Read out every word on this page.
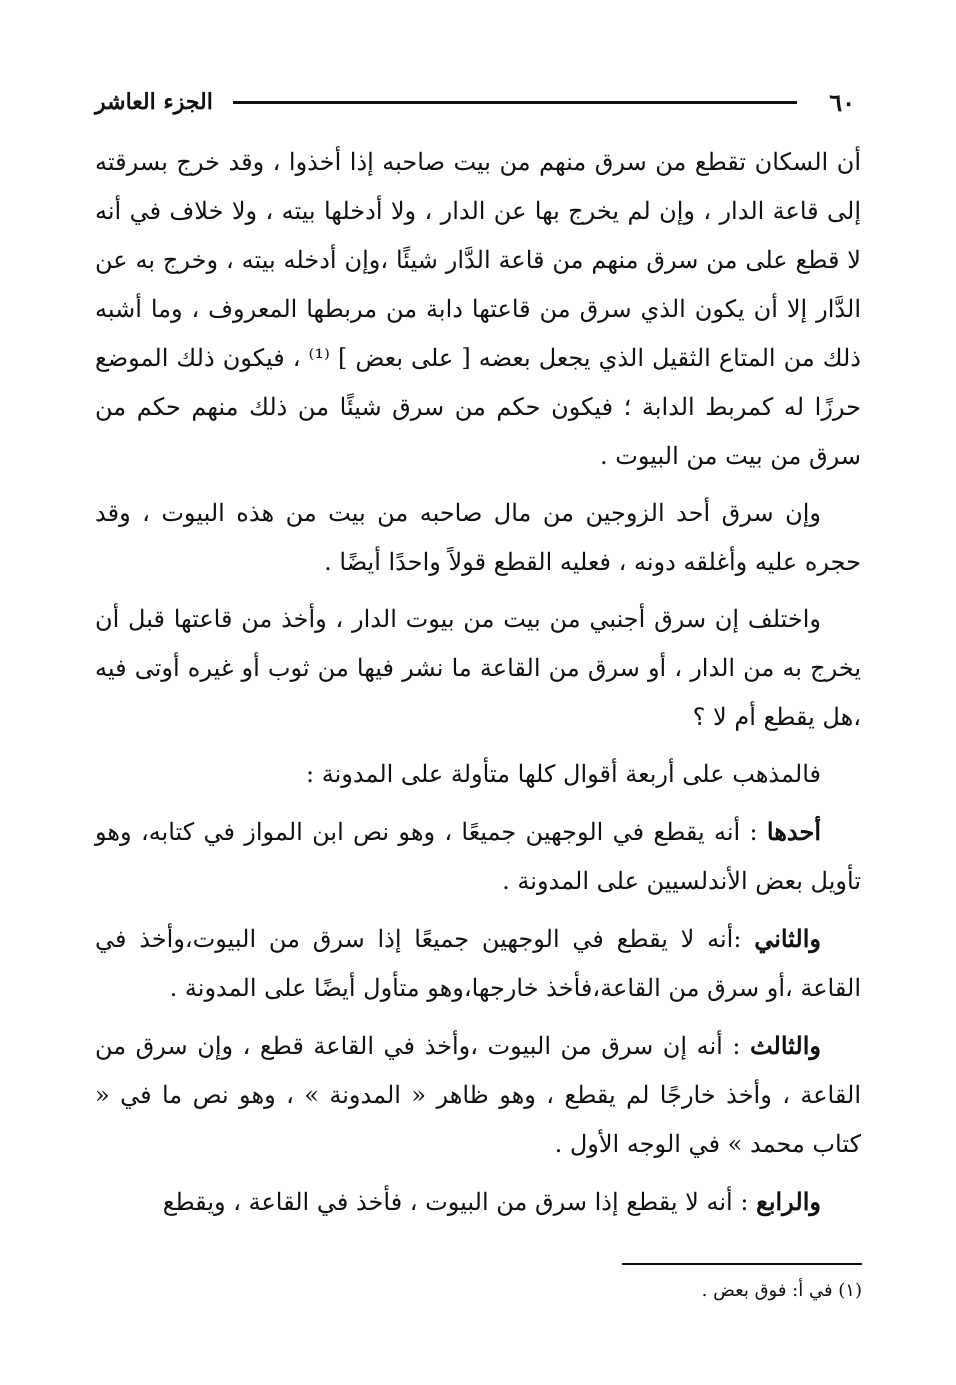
٦٠
الجزء العاشر

أن السكان تقطع من سرق منهم من بيت صاحبه إذا أخذوا ، وقد خرج بسرقته إلى قاعة الدار ، وإن لم يخرج بها عن الدار ، ولا أدخلها بيته ، ولا خلاف في أنه لا قطع على من سرق منهم من قاعة الدَّار شيئًا ،وإن أدخله بيته ، وخرج به عن الدَّار إلا أن يكون الذي سرق من قاعتها دابة من مربطها المعروف ، وما أشبه ذلك من المتاع الثقيل الذي يجعل بعضه [ على بعض ] ⁽¹⁾ ، فيكون ذلك الموضع حرزًا له كمربط الدابة ؛ فيكون حكم من سرق شيئًا من ذلك منهم حكم من سرق من بيت من البيوت .

وإن سرق أحد الزوجين من مال صاحبه من بيت من هذه البيوت ، وقد حجره عليه وأغلقه دونه ، فعليه القطع قولاً واحدًا أيضًا .

واختلف إن سرق أجنبي من بيت من بيوت الدار ، وأخذ من قاعتها قبل أن يخرج به من الدار ، أو سرق من القاعة ما نشر فيها من ثوب أو غيره أوتى فيه ،هل يقطع أم لا ؟

فالمذهب على أربعة أقوال كلها متأولة على المدونة :

أحدها : أنه يقطع في الوجهين جميعًا ، وهو نص ابن المواز في كتابه، وهو تأويل بعض الأندلسيين على المدونة .

والثاني :أنه لا يقطع في الوجهين جميعًا إذا سرق من البيوت،وأخذ في القاعة ،أو سرق من القاعة،فأخذ خارجها،وهو متأول أيضًا على المدونة .

والثالث : أنه إن سرق من البيوت ،وأخذ في القاعة قطع ، وإن سرق من القاعة ، وأخذ خارجًا لم يقطع ، وهو ظاهر « المدونة » ، وهو نص ما في « كتاب محمد » في الوجه الأول .

والرابع : أنه لا يقطع إذا سرق من البيوت ، فأخذ في القاعة ، ويقطع

(١) في أ: فوق بعض .
